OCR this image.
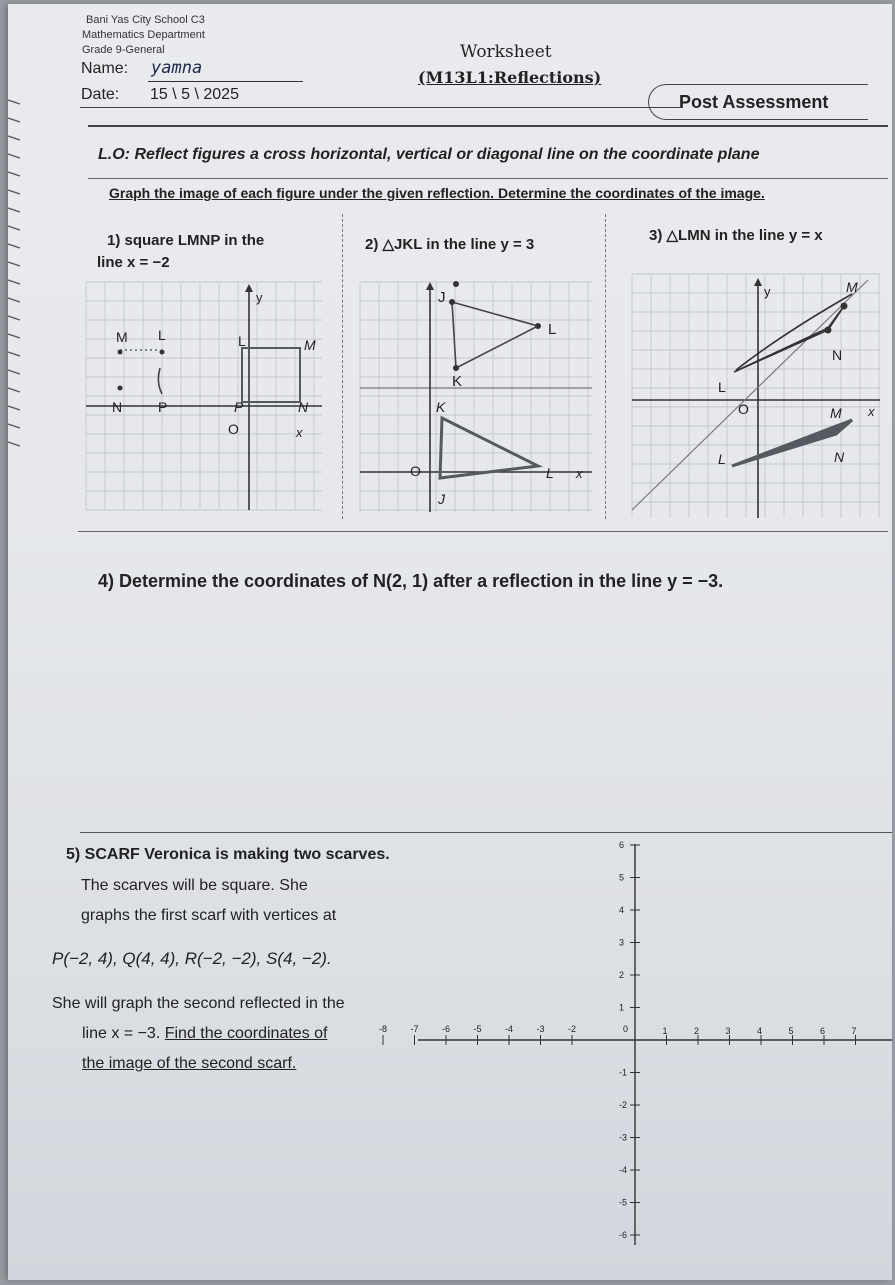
Bani Yas City School C3
Mathematics Department
Grade 9-General	Worksheet
Name: yamna	(M13L1:Reflections)
Date: 15 \ 5 \ 2025	Post Assessment
L.O: Reflect figures a cross horizontal, vertical or diagonal line on the coordinate plane
Graph the image of each figure under the given reflection. Determine the coordinates of the image.
1) square LMNP in the
line x = −2
2) △JKL in the line y = 3
3) △LMN in the line y = x
y
x
O
L	M
P	N
M L
P
N
J
L
K
K
L
J
O	x
y
x
O
L
N
M
L
M
N
4) Determine the coordinates of N(2, 1) after a reflection in the line y = −3.
5) SCARF Veronica is making two scarves.
The scarves will be square. She
graphs the first scarf with vertices at
P(−2, 4), Q(4, 4), R(−2, −2), S(4, −2).
She will graph the second reflected in the
line x = −3. Find the coordinates of
the image of the second scarf.
-8	-7	-6	-5	-4	-3	-2	1	2	3	4	5	6	7
6
5
4
3
2
1
-1
-2
-3
-4
-5
-6
0
